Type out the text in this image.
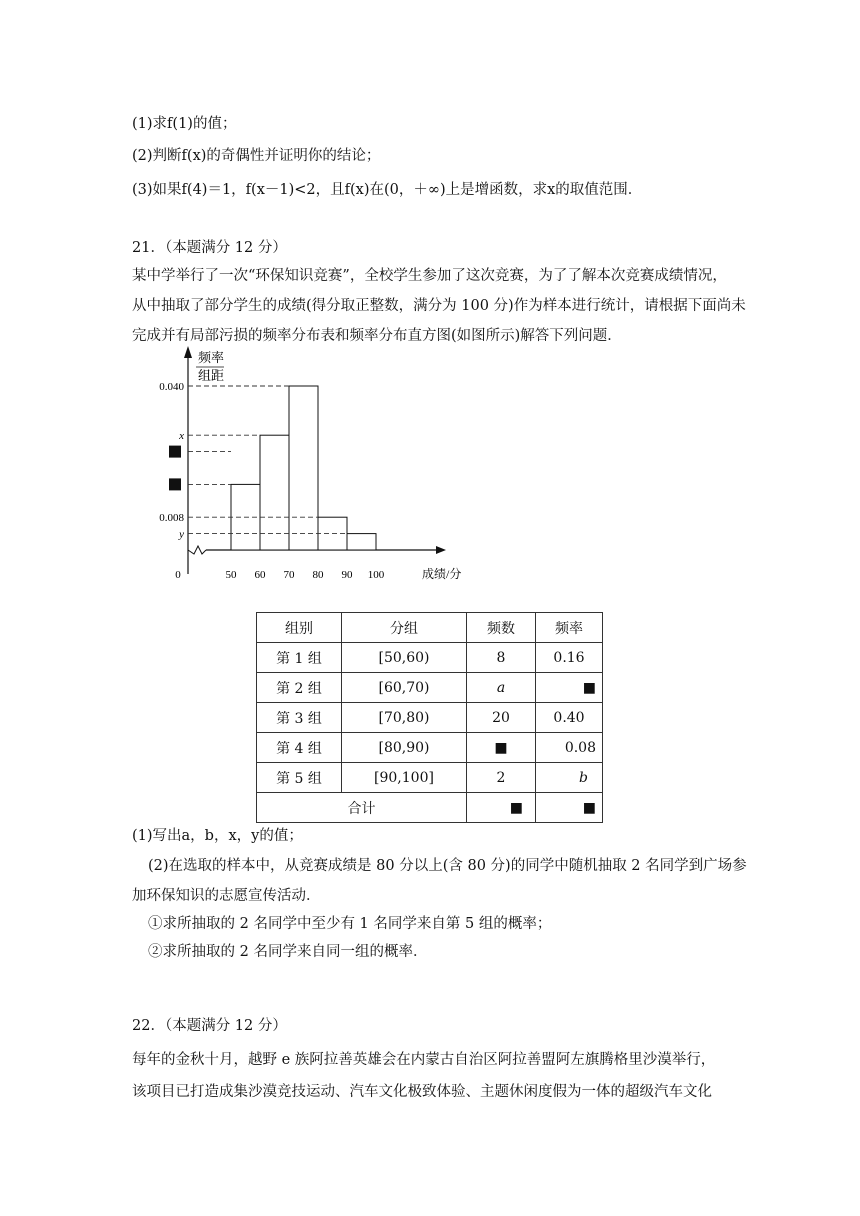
(1)求f(1)的值；
(2)判断f(x)的奇偶性并证明你的结论；
(3)如果f(4)＝1，f(x－1)<2，且f(x)在(0，＋∞)上是增函数，求x的取值范围．
21．（本题满分 12 分）
某中学举行了一次“环保知识竞赛”，全校学生参加了这次竞赛，为了了解本次竞赛成绩情况，
从中抽取了部分学生的成绩(得分取正整数，满分为 100 分)作为样本进行统计，请根据下面尚未
完成并有局部污损的频率分布表和频率分布直方图(如图所示)解答下列问题．
0.040
x
0.008
y
0	50 60 70 80 90 100
频率
组距
成绩/分
组别	分组	频数	频率
第 1 组	[50,60)	8	0.16
第 2 组	[60,70)	a	■
第 3 组	[70,80)	20	0.40
第 4 组	[80,90)	■	0.08
第 5 组	[90,100]	2	b
合计		■	■
(1)写出a，b，x，y的值；
(2)在选取的样本中，从竞赛成绩是 80 分以上(含 80 分)的同学中随机抽取 2 名同学到广场参
加环保知识的志愿宣传活动．
①求所抽取的 2 名同学中至少有 1 名同学来自第 5 组的概率；
②求所抽取的 2 名同学来自同一组的概率．
22．（本题满分 12 分）
每年的金秋十月，越野 e 族阿拉善英雄会在内蒙古自治区阿拉善盟阿左旗腾格里沙漠举行，
该项目已打造成集沙漠竞技运动、汽车文化极致体验、主题休闲度假为一体的超级汽车文化
